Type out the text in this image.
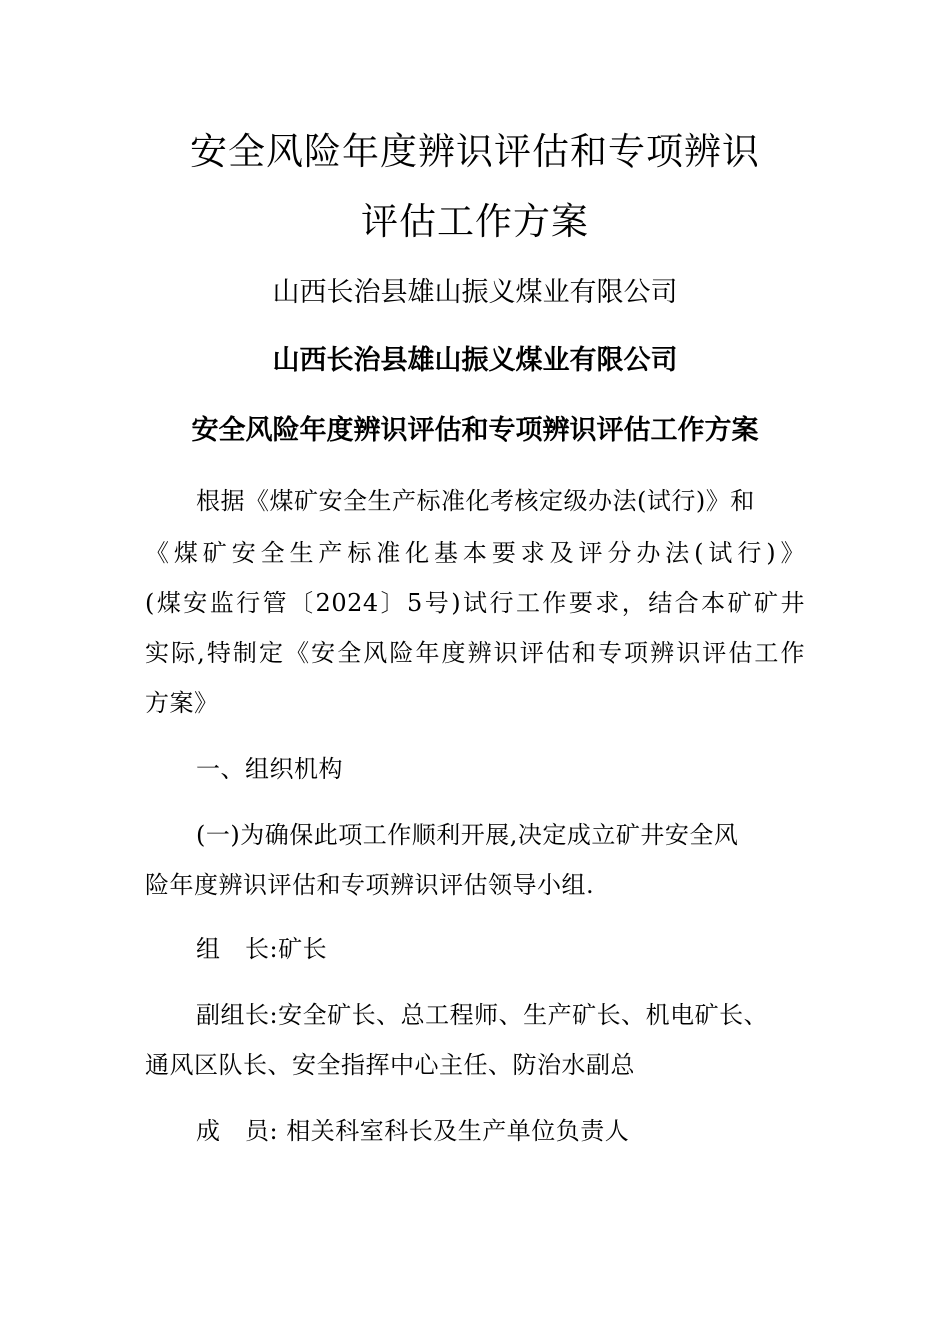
安全风险年度辨识评估和专项辨识
评估工作方案
山西长治县雄山振义煤业有限公司
山西长治县雄山振义煤业有限公司
安全风险年度辨识评估和专项辨识评估工作方案
根据《煤矿安全生产标准化考核定级办法(试行)》和
《煤矿安全生产标准化基本要求及评分办法(试行)》
(煤安监行管〔2024〕5号)试行工作要求，结合本矿矿井
实际,特制定《安全风险年度辨识评估和专项辨识评估工作
方案》
一、组织机构
(一)为确保此项工作顺利开展,决定成立矿井安全风
险年度辨识评估和专项辨识评估领导小组.
组　长:矿长
副组长:安全矿长、总工程师、生产矿长、机电矿长、
通风区队长、安全指挥中心主任、防治水副总
成　员: 相关科室科长及生产单位负责人
